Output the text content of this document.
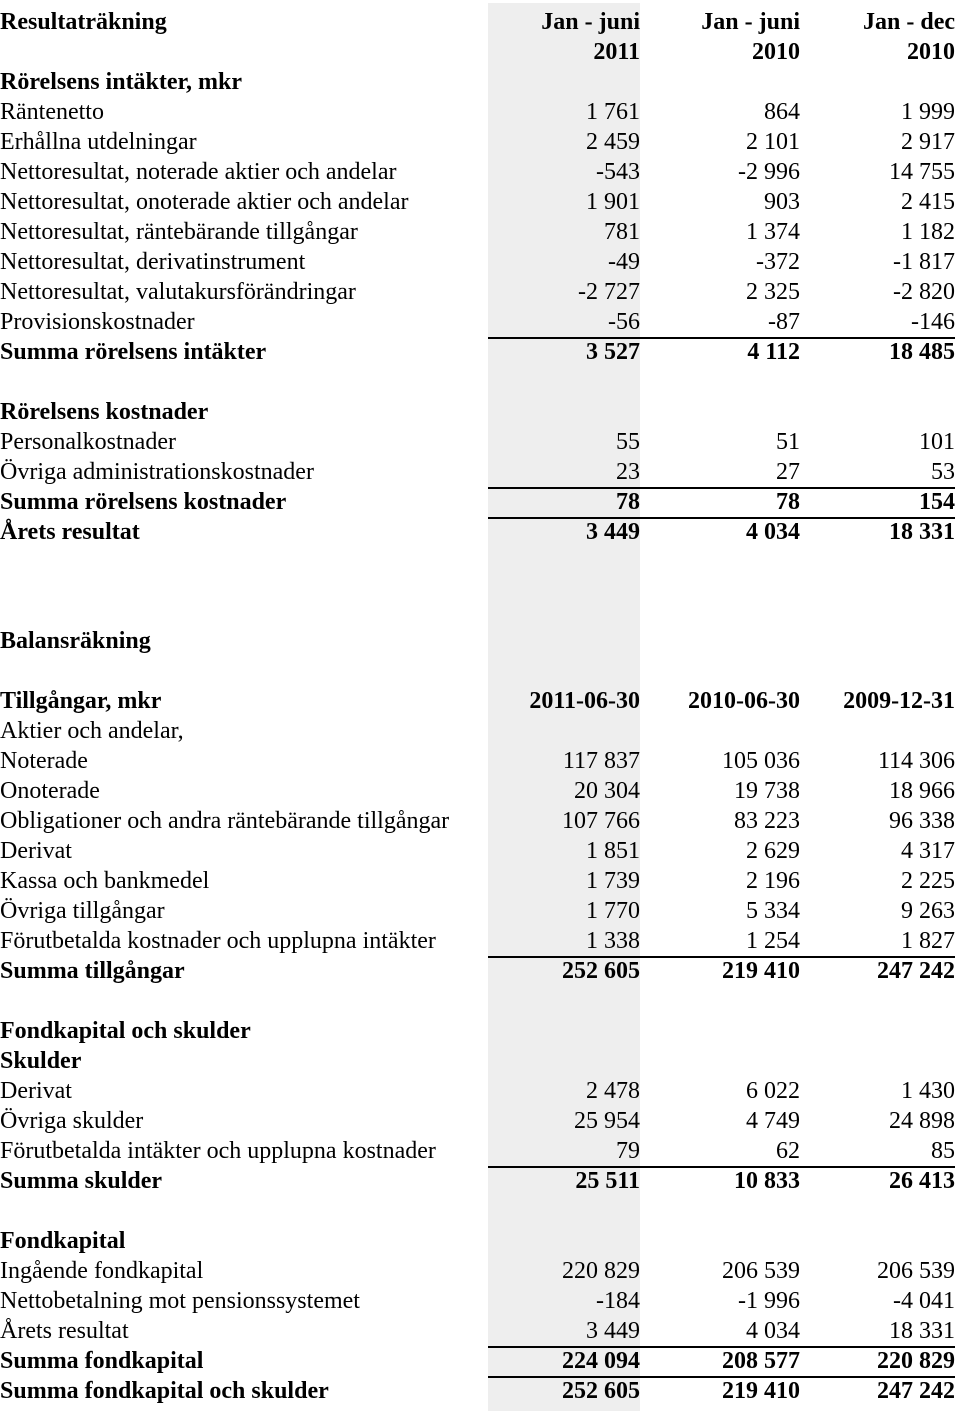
Resultaträkning	Jan - juni	Jan - juni	Jan - dec
	2011	2010	2010
Rörelsens intäkter, mkr			
Räntenetto	1 761	864	1 999
Erhållna utdelningar	2 459	2 101	2 917
Nettoresultat, noterade aktier och andelar	-543	-2 996	14 755
Nettoresultat, onoterade aktier och andelar	1 901	903	2 415
Nettoresultat, räntebärande tillgångar	781	1 374	1 182
Nettoresultat, derivatinstrument	-49	-372	-1 817
Nettoresultat, valutakursförändringar	-2 727	2 325	-2 820
Provisionskostnader	-56	-87	-146
Summa rörelsens intäkter	3 527	4 112	18 485

Rörelsens kostnader			
Personalkostnader	55	51	101
Övriga administrationskostnader	23	27	53
Summa rörelsens kostnader	78	78	154
Årets resultat	3 449	4 034	18 331
Balansräkning			

Tillgångar, mkr	2011-06-30	2010-06-30	2009-12-31
Aktier och andelar,			
Noterade	117 837	105 036	114 306
Onoterade	20 304	19 738	18 966
Obligationer och andra räntebärande tillgångar	107 766	83 223	96 338
Derivat	1 851	2 629	4 317
Kassa och bankmedel	1 739	2 196	2 225
Övriga tillgångar	1 770	5 334	9 263
Förutbetalda kostnader och upplupna intäkter	1 338	1 254	1 827
Summa tillgångar	252 605	219 410	247 242

Fondkapital och skulder			
Skulder			
Derivat	2 478	6 022	1 430
Övriga skulder	25 954	4 749	24 898
Förutbetalda intäkter och upplupna kostnader	79	62	85
Summa skulder	25 511	10 833	26 413

Fondkapital			
Ingående fondkapital	220 829	206 539	206 539
Nettobetalning mot pensionssystemet	-184	-1 996	-4 041
Årets resultat	3 449	4 034	18 331
Summa fondkapital	224 094	208 577	220 829
Summa fondkapital och skulder	252 605	219 410	247 242
